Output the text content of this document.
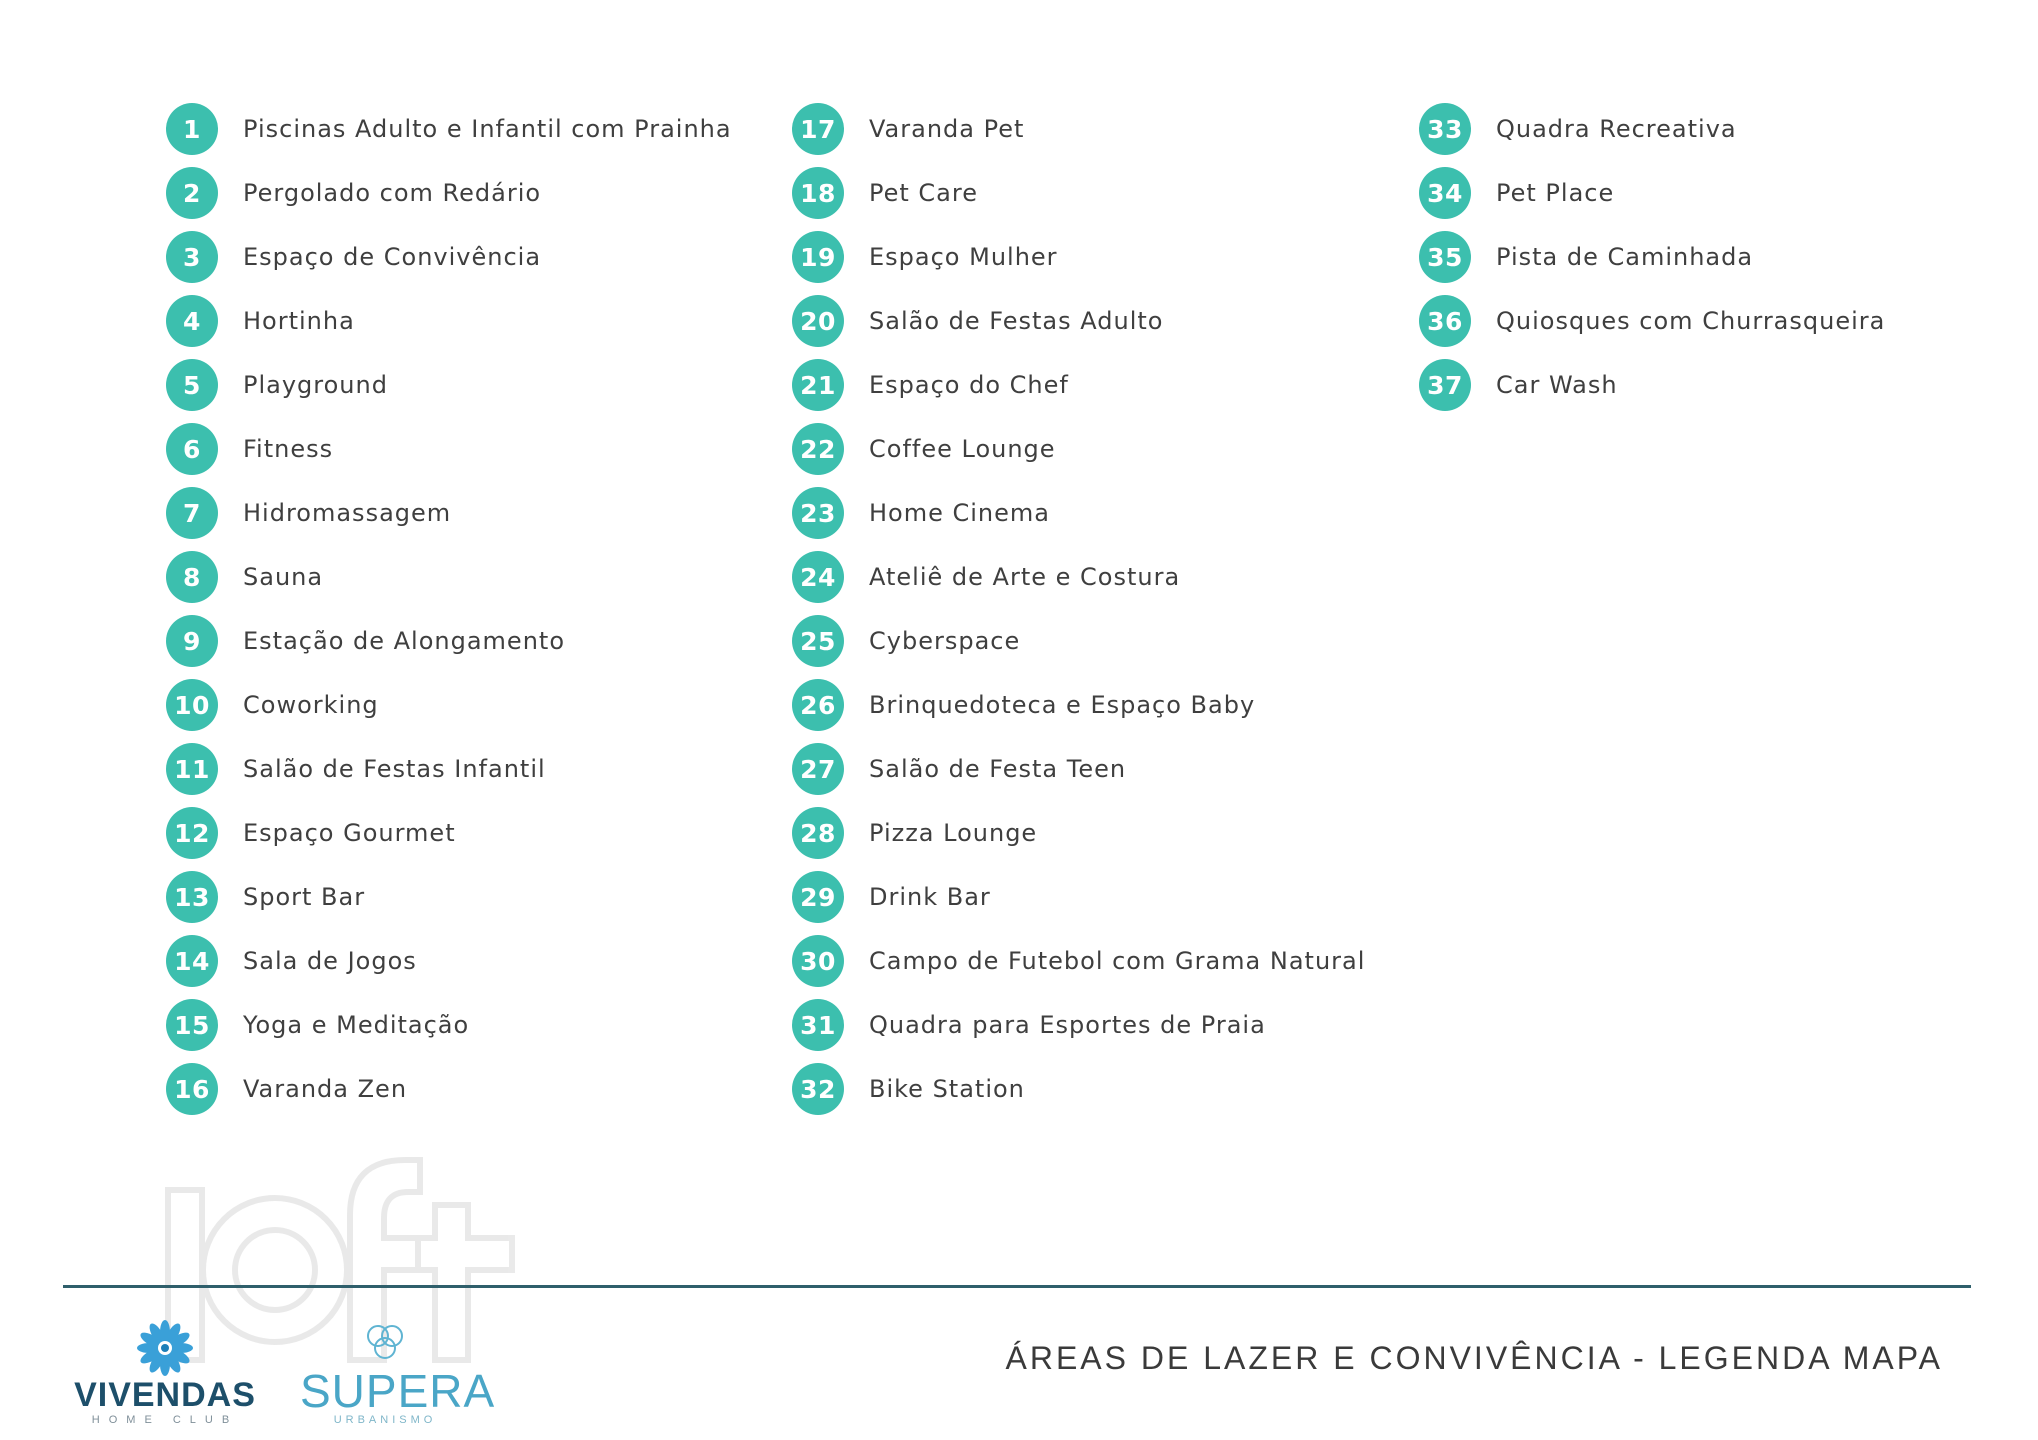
1	Piscinas Adulto e Infantil com Prainha
2	Pergolado com Redário
3	Espaço de Convivência
4	Hortinha
5	Playground
6	Fitness
7	Hidromassagem
8	Sauna
9	Estação de Alongamento
10	Coworking
11	Salão de Festas Infantil
12	Espaço Gourmet
13	Sport Bar
14	Sala de Jogos
15	Yoga e Meditação
16	Varanda Zen
17	Varanda Pet
18	Pet Care
19	Espaço Mulher
20	Salão de Festas Adulto
21	Espaço do Chef
22	Coffee Lounge
23	Home Cinema
24	Ateliê de Arte e Costura
25	Cyberspace
26	Brinquedoteca e Espaço Baby
27	Salão de Festa Teen
28	Pizza Lounge
29	Drink Bar
30	Campo de Futebol com Grama Natural
31	Quadra para Esportes de Praia
32	Bike Station
33	Quadra Recreativa
34	Pet Place
35	Pista de Caminhada
36	Quiosques com Churrasqueira
37	Car Wash
VIVENDAS
HOME CLUB
SUPERA
URBANISMO
ÁREAS DE LAZER E CONVIVÊNCIA - LEGENDA MAPA
